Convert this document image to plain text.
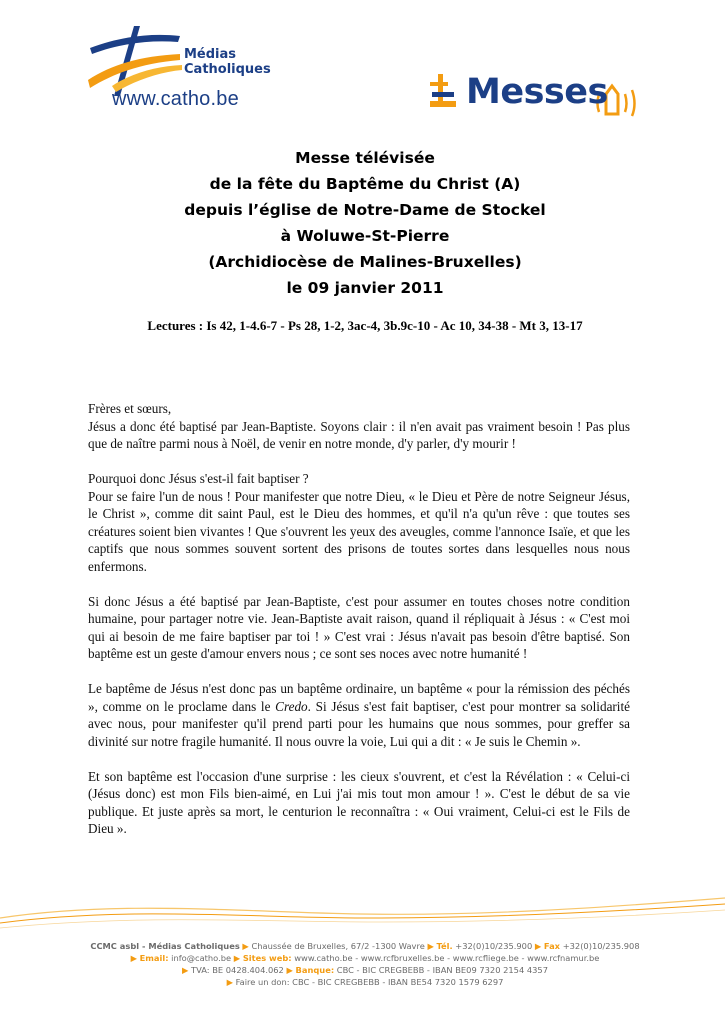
Médias
Catholiques
www.catho.be	Messes
Messe télévisée
de la fête du Baptême du Christ (A)
depuis l’église de Notre-Dame de Stockel
à Woluwe-St-Pierre
(Archidiocèse de Malines-Bruxelles)
le 09 janvier 2011
Lectures : Is 42, 1-4.6-7 - Ps 28, 1-2, 3ac-4, 3b.9c-10 - Ac 10, 34-38 - Mt 3, 13-17

Frères et sœurs,
Jésus a donc été baptisé par Jean-Baptiste. Soyons clair : il n'en avait pas vraiment besoin ! Pas plus que de naître parmi nous à Noël, de venir en notre monde, d'y parler, d'y mourir !

Pourquoi donc Jésus s'est-il fait baptiser ?
Pour se faire l'un de nous ! Pour manifester que notre Dieu, « le Dieu et Père de notre Seigneur Jésus, le Christ », comme dit saint Paul, est le Dieu des hommes, et qu'il n'a qu'un rêve : que toutes ses créatures soient bien vivantes ! Que s'ouvrent les yeux des aveugles, comme l'annonce Isaïe, et que les captifs que nous sommes souvent sortent des prisons de toutes sortes dans lesquelles nous nous enfermons.

Si donc Jésus a été baptisé par Jean-Baptiste, c'est pour assumer en toutes choses notre condition humaine, pour partager notre vie. Jean-Baptiste avait raison, quand il répliquait à Jésus : « C'est moi qui ai besoin de me faire baptiser par toi ! » C'est vrai : Jésus n'avait pas besoin d'être baptisé. Son baptême est un geste d'amour envers nous ; ce sont ses noces avec notre humanité !

Le baptême de Jésus n'est donc pas un baptême ordinaire, un baptême « pour la rémission des péchés », comme on le proclame dans le Credo. Si Jésus s'est fait baptiser, c'est pour montrer sa solidarité avec nous, pour manifester qu'il prend parti pour les humains que nous sommes, pour greffer sa divinité sur notre fragile humanité. Il nous ouvre la voie, Lui qui a dit : « Je suis le Chemin ».

Et son baptême est l'occasion d'une surprise : les cieux s'ouvrent, et c'est la Révélation : « Celui-ci (Jésus donc) est mon Fils bien-aimé, en Lui j'ai mis tout mon amour ! ». C'est le début de sa vie publique. Et juste après sa mort, le centurion le reconnaîtra : « Oui vraiment, Celui-ci est le Fils de Dieu ».

CCMC asbl - Médias Catholiques ▶ Chaussée de Bruxelles, 67/2 -1300 Wavre ▶ Tél. +32(0)10/235.900 ▶ Fax +32(0)10/235.908
▶ Email: info@catho.be ▶ Sites web: www.catho.be - www.rcfbruxelles.be - www.rcfliege.be - www.rcfnamur.be
▶ TVA: BE 0428.404.062 ▶ Banque: CBC - BIC CREGBEBB - IBAN BE09 7320 2154 4357
▶ Faire un don: CBC - BIC CREGBEBB - IBAN BE54 7320 1579 6297
